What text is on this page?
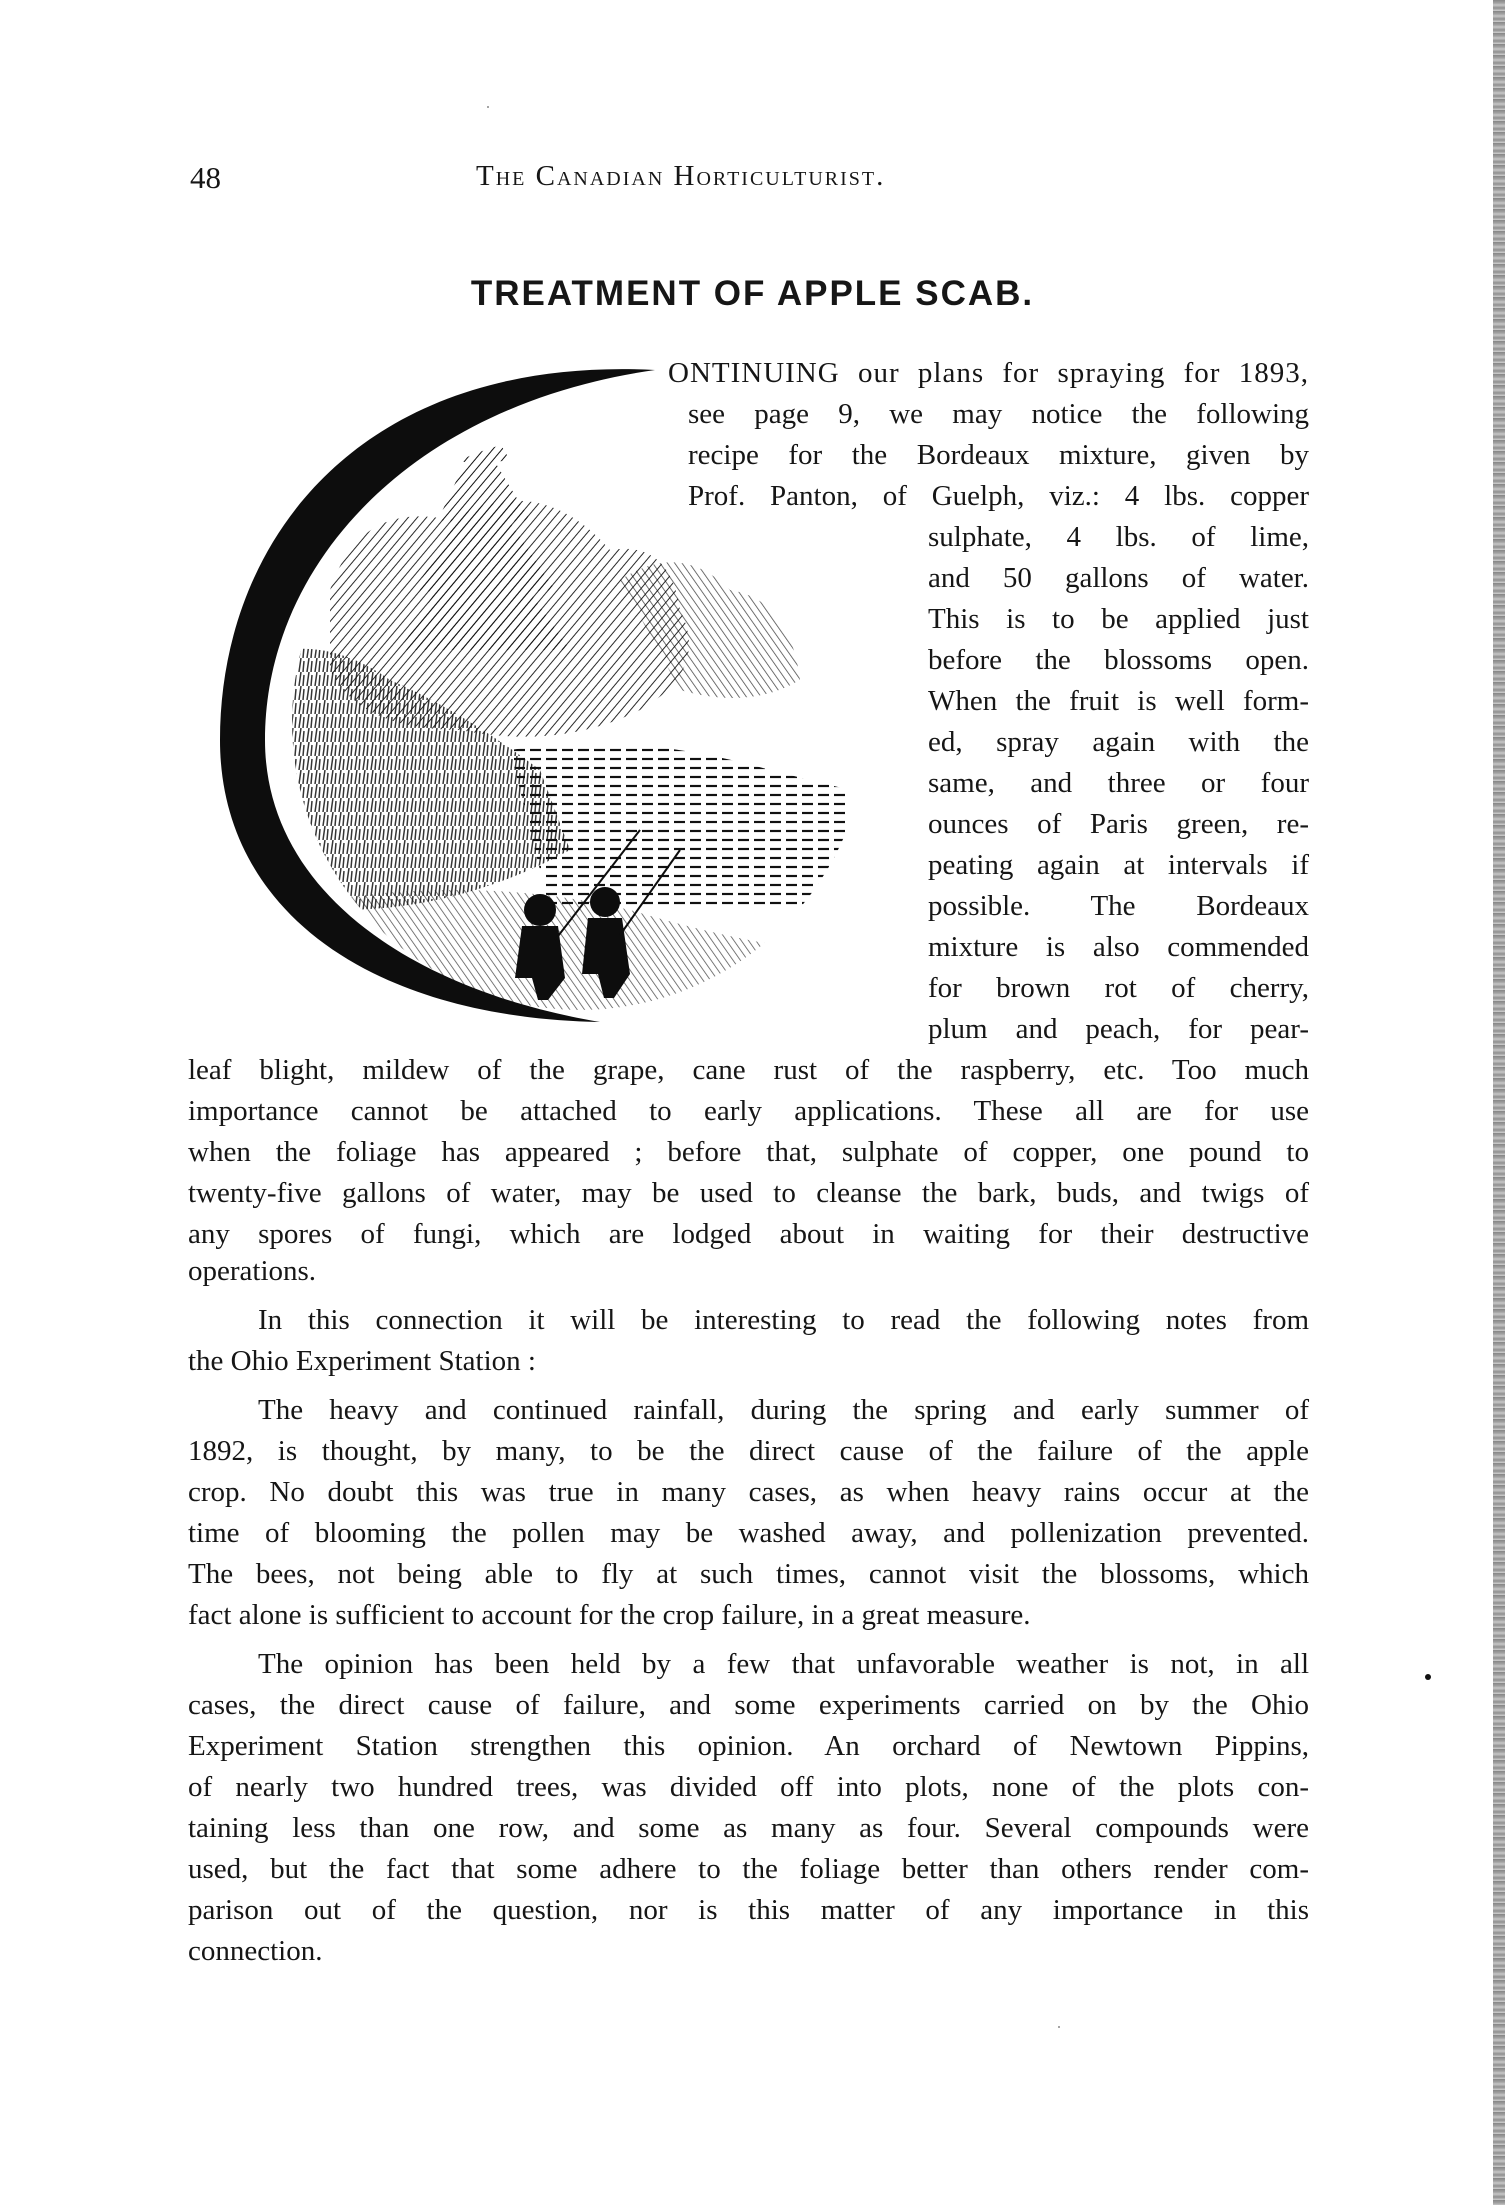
48	The Canadian Horticulturist.
TREATMENT OF APPLE SCAB.
ONTINUING our plans for spraying for 1893,
see page 9, we may notice the following
recipe for the Bordeaux mixture, given by
Prof. Panton, of Guelph, viz.: 4 lbs. copper
sulphate, 4 lbs. of lime,
and 50 gallons of water.
This is to be applied just
before the blossoms open.
When the fruit is well form-
ed, spray again with the
same, and three or four
ounces of Paris green, re-
peating again at intervals if
possible. The Bordeaux
mixture is also commended
for brown rot of cherry,
plum and peach, for pear-
leaf blight, mildew of the grape, cane rust of the raspberry, etc. Too much
importance cannot be attached to early applications. These all are for use
when the foliage has appeared ; before that, sulphate of copper, one pound to
twenty-five gallons of water, may be used to cleanse the bark, buds, and twigs of
any spores of fungi, which are lodged about in waiting for their destructive
operations.
In this connection it will be interesting to read the following notes from
the Ohio Experiment Station :
The heavy and continued rainfall, during the spring and early summer of
1892, is thought, by many, to be the direct cause of the failure of the apple
crop. No doubt this was true in many cases, as when heavy rains occur at the
time of blooming the pollen may be washed away, and pollenization prevented.
The bees, not being able to fly at such times, cannot visit the blossoms, which
fact alone is sufficient to account for the crop failure, in a great measure.
The opinion has been held by a few that unfavorable weather is not, in all
cases, the direct cause of failure, and some experiments carried on by the Ohio
Experiment Station strengthen this opinion. An orchard of Newtown Pippins,
of nearly two hundred trees, was divided off into plots, none of the plots con-
taining less than one row, and some as many as four. Several compounds were
used, but the fact that some adhere to the foliage better than others render com-
parison out of the question, nor is this matter of any importance in this
connection.
